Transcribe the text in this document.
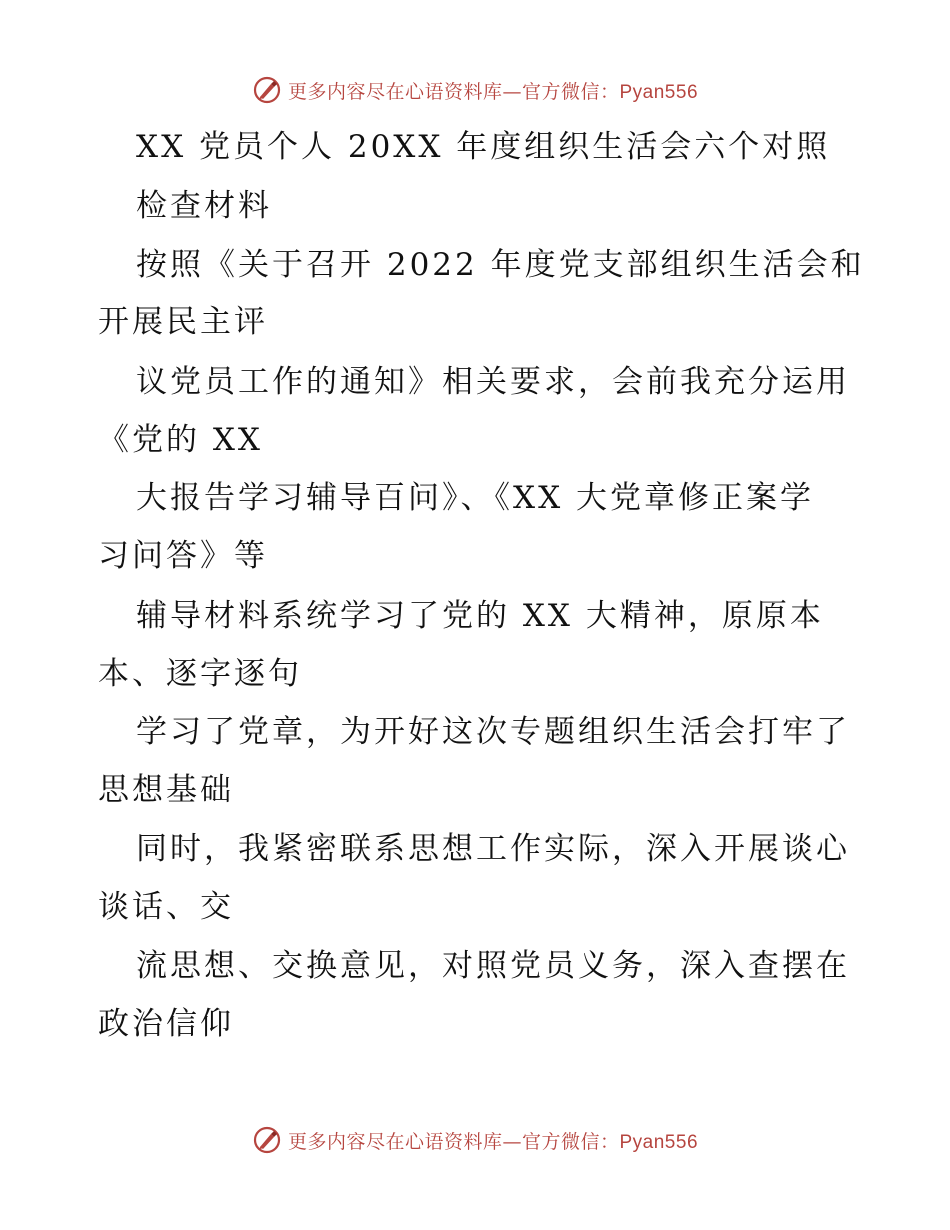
更多内容尽在心语资料库—官方微信：Pyan556
XX 党员个人 20XX 年度组织生活会六个对照
检查材料
按照《关于召开 2022 年度党支部组织生活会和
开展民主评
议党员工作的通知》相关要求，会前我充分运用
《党的 XX
大报告学习辅导百问》、《XX 大党章修正案学
习问答》等
辅导材料系统学习了党的 XX 大精神，原原本
本、逐字逐句
学习了党章，为开好这次专题组织生活会打牢了
思想基础
同时，我紧密联系思想工作实际，深入开展谈心
谈话、交
流思想、交换意见，对照党员义务，深入查摆在
政治信仰
更多内容尽在心语资料库—官方微信：Pyan556
